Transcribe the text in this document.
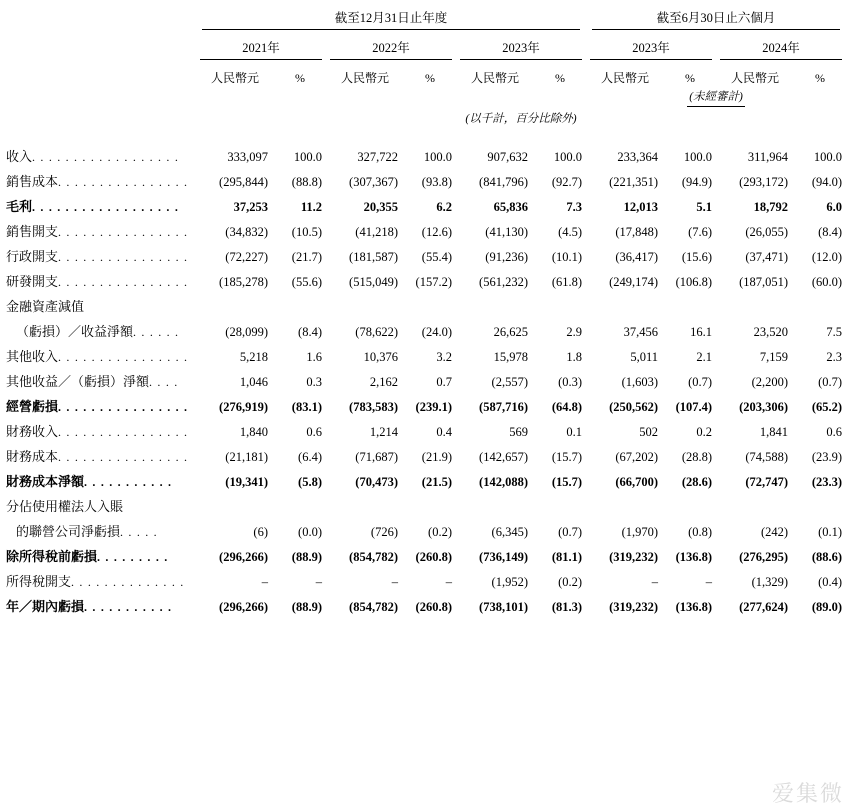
	截至12月31日止年度						截至6月30日止六個月			

	2021年		2022年		2023年		2023年		2024年	

	人民幣元	%	人民幣元	%	人民幣元	%	人民幣元	%	人民幣元	%
							(未經審計)			
	(以千計，百分比除外)									

收入. . . . . . . . . . . . . . . . . .	333,097	100.0	327,722	100.0	907,632	100.0	233,364	100.0	311,964	100.0
銷售成本. . . . . . . . . . . . . . . .	(295,844)	(88.8)	(307,367)	(93.8)	(841,796)	(92.7)	(221,351)	(94.9)	(293,172)	(94.0)
毛利. . . . . . . . . . . . . . . . . .	37,253	11.2	20,355	6.2	65,836	7.3	12,013	5.1	18,792	6.0
銷售開支. . . . . . . . . . . . . . . .	(34,832)	(10.5)	(41,218)	(12.6)	(41,130)	(4.5)	(17,848)	(7.6)	(26,055)	(8.4)
行政開支. . . . . . . . . . . . . . . .	(72,227)	(21.7)	(181,587)	(55.4)	(91,236)	(10.1)	(36,417)	(15.6)	(37,471)	(12.0)
研發開支. . . . . . . . . . . . . . . .	(185,278)	(55.6)	(515,049)	(157.2)	(561,232)	(61.8)	(249,174)	(106.8)	(187,051)	(60.0)
金融資產減值										
（虧損）／收益淨額. . . . . .	(28,099)	(8.4)	(78,622)	(24.0)	26,625	2.9	37,456	16.1	23,520	7.5
其他收入. . . . . . . . . . . . . . . .	5,218	1.6	10,376	3.2	15,978	1.8	5,011	2.1	7,159	2.3
其他收益／（虧損）淨額. . . .	1,046	0.3	2,162	0.7	(2,557)	(0.3)	(1,603)	(0.7)	(2,200)	(0.7)
經營虧損. . . . . . . . . . . . . . . .	(276,919)	(83.1)	(783,583)	(239.1)	(587,716)	(64.8)	(250,562)	(107.4)	(203,306)	(65.2)
財務收入. . . . . . . . . . . . . . . .	1,840	0.6	1,214	0.4	569	0.1	502	0.2	1,841	0.6
財務成本. . . . . . . . . . . . . . . .	(21,181)	(6.4)	(71,687)	(21.9)	(142,657)	(15.7)	(67,202)	(28.8)	(74,588)	(23.9)
財務成本淨額. . . . . . . . . . .	(19,341)	(5.8)	(70,473)	(21.5)	(142,088)	(15.7)	(66,700)	(28.6)	(72,747)	(23.3)
分佔使用權法人入賬										
的聯營公司淨虧損. . . . .	(6)	(0.0)	(726)	(0.2)	(6,345)	(0.7)	(1,970)	(0.8)	(242)	(0.1)
除所得稅前虧損. . . . . . . . .	(296,266)	(88.9)	(854,782)	(260.8)	(736,149)	(81.1)	(319,232)	(136.8)	(276,295)	(88.6)
所得稅開支. . . . . . . . . . . . . .	–	–	–	–	(1,952)	(0.2)	–	–	(1,329)	(0.4)
年／期內虧損. . . . . . . . . . .	(296,266)	(88.9)	(854,782)	(260.8)	(738,101)	(81.3)	(319,232)	(136.8)	(277,624)	(89.0)
爱集微
